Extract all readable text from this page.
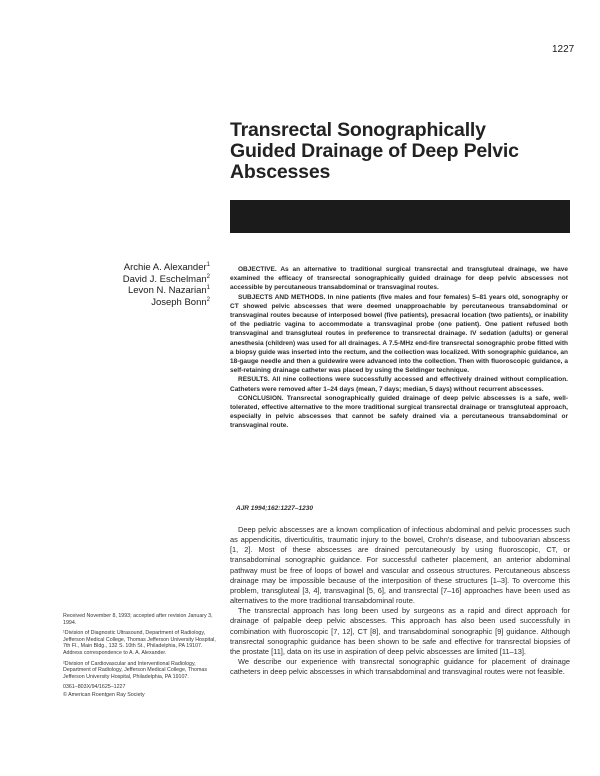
1227
Transrectal Sonographically
Guided Drainage of Deep Pelvic
Abscesses
Archie A. Alexander$^1$
David J. Eschelman$^2$
Levon N. Nazarian$^1$
Joseph Bonn$^2$

OBJECTIVE. As an alternative to traditional surgical transrectal and transgluteal drainage, we have examined the efficacy of transrectal sonographically guided drainage for deep pelvic abscesses not accessible by percutaneous transabdominal or transvaginal routes.

SUBJECTS AND METHODS. In nine patients (five males and four females) 5–81 years old, sonography or CT showed pelvic abscesses that were deemed unapproachable by percutaneous transabdominal or transvaginal routes because of interposed bowel (five patients), presacral location (two patients), or inability of the pediatric vagina to accommodate a transvaginal probe (one patient). One patient refused both transvaginal and transgluteal routes in preference to transrectal drainage. IV sedation (adults) or general anesthesia (children) was used for all drainages. A 7.5-MHz end-fire transrectal sonographic probe fitted with a biopsy guide was inserted into the rectum, and the collection was localized. With sonographic guidance, an 18-gauge needle and then a guidewire were advanced into the collection. Then with fluoroscopic guidance, a self-retaining drainage catheter was placed by using the Seldinger technique.

RESULTS. All nine collections were successfully accessed and effectively drained without complication. Catheters were removed after 1–24 days (mean, 7 days; median, 5 days) without recurrent abscesses.

CONCLUSION. Transrectal sonographically guided drainage of deep pelvic abscesses is a safe, well-tolerated, effective alternative to the more traditional surgical transrectal drainage or transgluteal approach, especially in pelvic abscesses that cannot be safely drained via a percutaneous transabdominal or transvaginal route.

AJR 1994;162:1227–1230

Deep pelvic abscesses are a known complication of infectious abdominal and pelvic processes such as appendicitis, diverticulitis, traumatic injury to the bowel, Crohn's disease, and tuboovarian abscess [1, 2]. Most of these abscesses are drained percutaneously by using fluoroscopic, CT, or transabdominal sonographic guidance. For successful catheter placement, an anterior abdominal pathway must be free of loops of bowel and vascular and osseous structures. Percutaneous abscess drainage may be impossible because of the interposition of these structures [1–3]. To overcome this problem, transgluteal [3, 4], transvaginal [5, 6], and transrectal [7–16] approaches have been used as alternatives to the more traditional transabdominal route.

The transrectal approach has long been used by surgeons as a rapid and direct approach for drainage of palpable deep pelvic abscesses. This approach has also been used successfully in combination with fluoroscopic [7, 12], CT [8], and transabdominal sonographic [9] guidance. Although transrectal sonographic guidance has been shown to be safe and effective for transrectal biopsies of the prostate [11], data on its use in aspiration of deep pelvic abscesses are limited [11–13].

We describe our experience with transrectal sonographic guidance for placement of drainage catheters in deep pelvic abscesses in which transabdominal and transvaginal routes were not feasible.

Received November 8, 1993; accepted after revision January 3, 1994.

¹Division of Diagnostic Ultrasound, Department of Radiology, Jefferson Medical College, Thomas Jefferson University Hospital, 7th Fl., Main Bldg., 132 S. 10th St., Philadelphia, PA 19107. Address correspondence to A. A. Alexander.

²Division of Cardiovascular and Interventional Radiology, Department of Radiology, Jefferson Medical College, Thomas Jefferson University Hospital, Philadelphia, PA 19107.

0361–803X/94/1625–1227

© American Roentgen Ray Society
